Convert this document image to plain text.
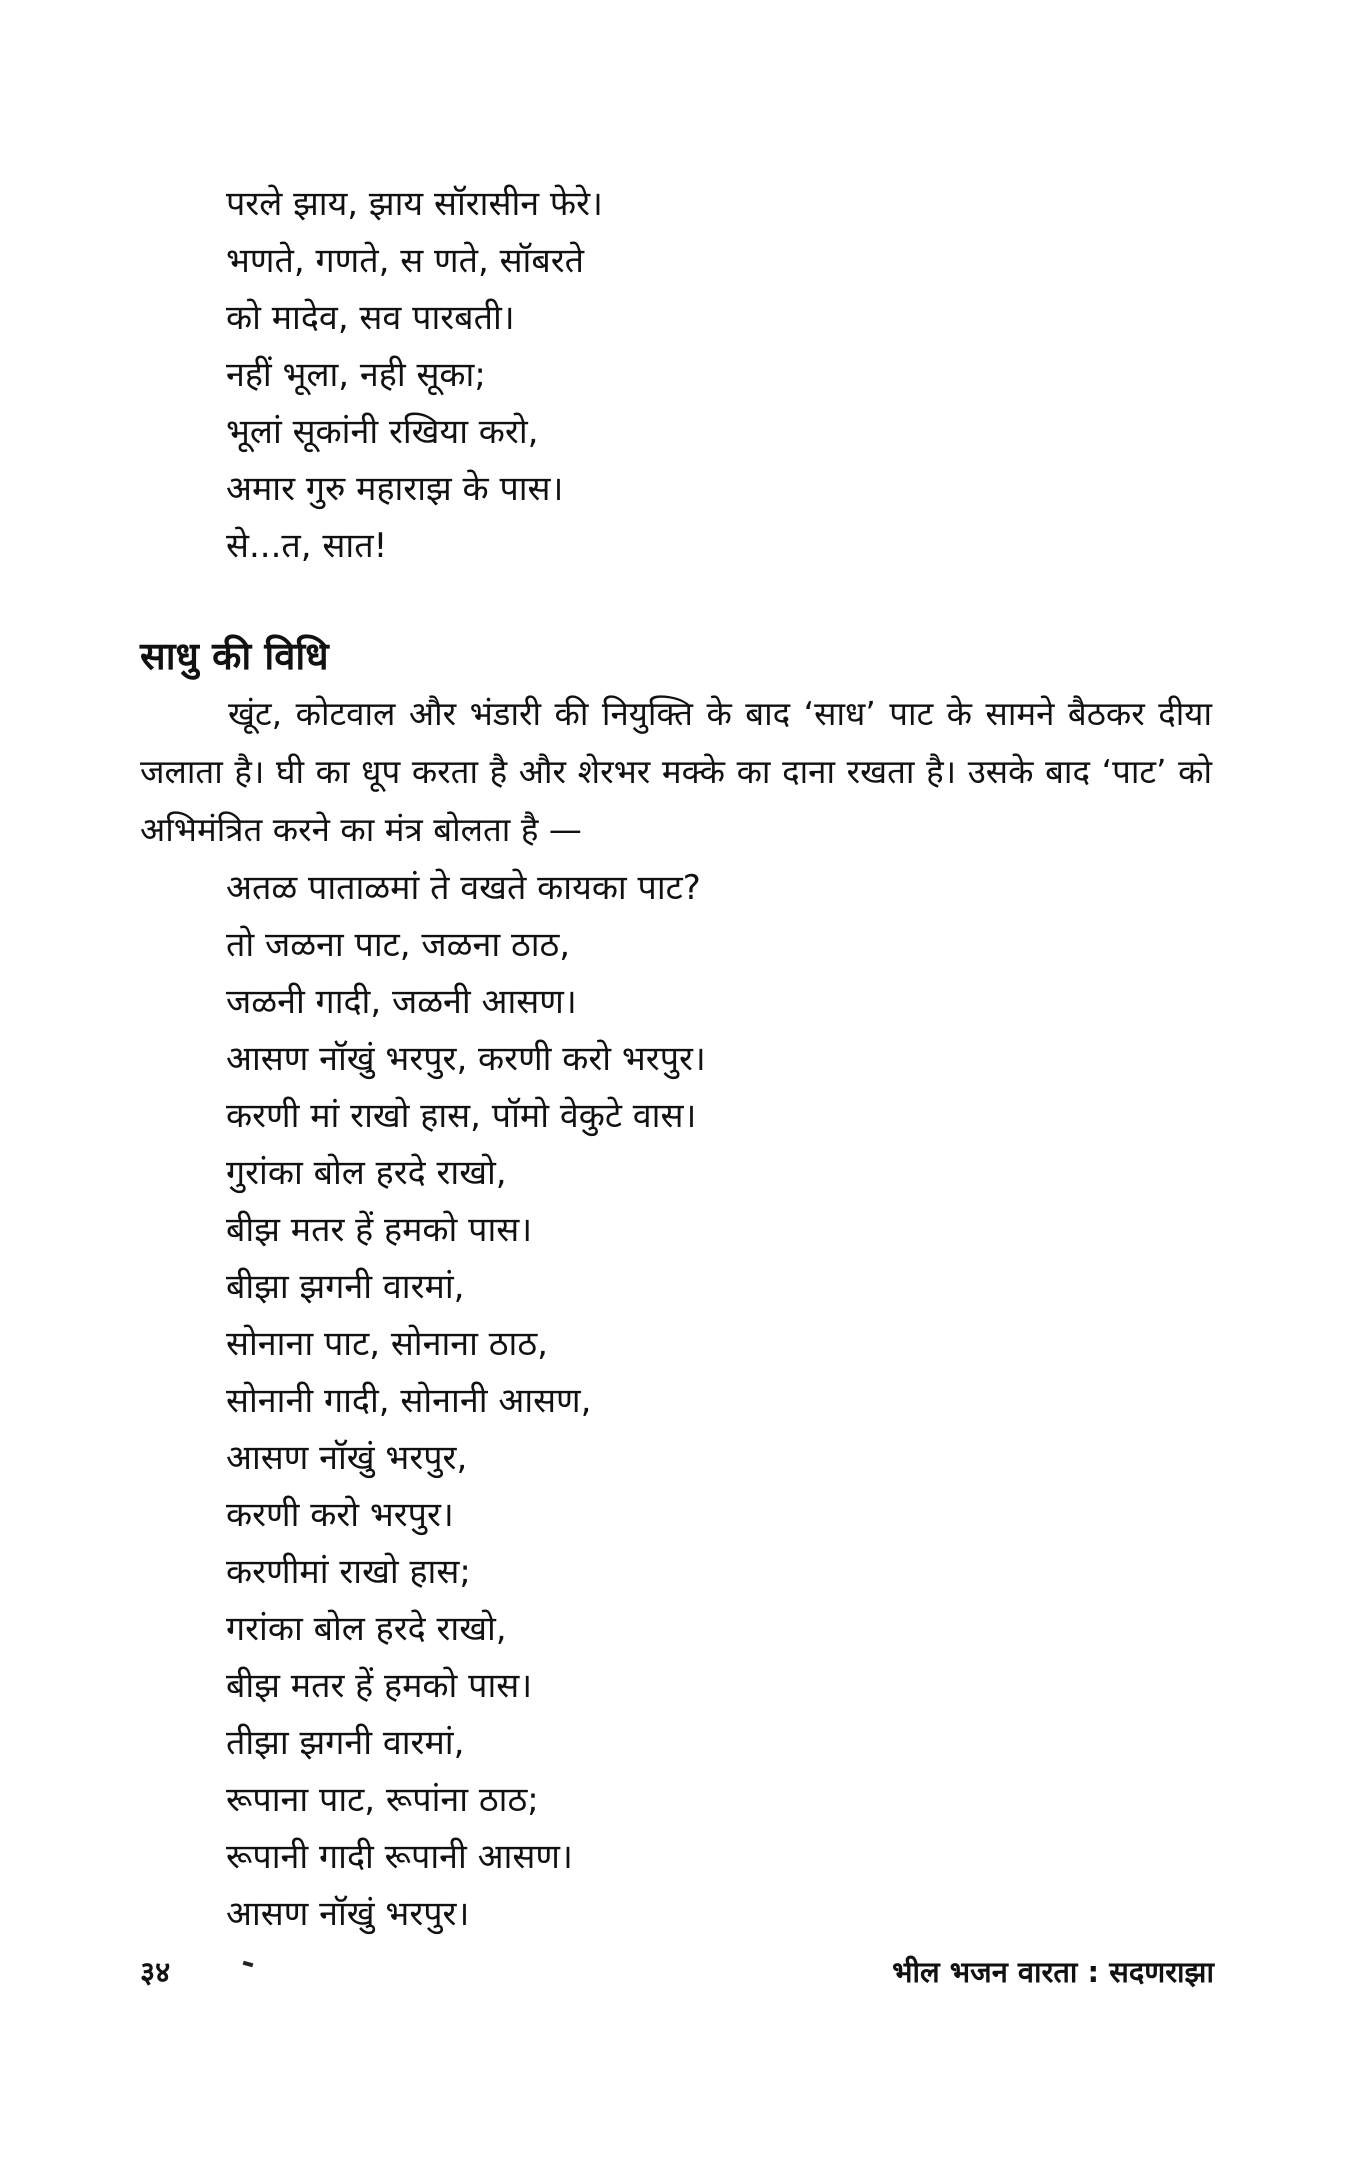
परले झाय, झाय सॉरासीन फेरे।
भणते, गणते, स णते, सॉबरते
को मादेव, सव पारबती।
नहीं भूला, नही सूका;
भूलां सूकांनी रखिया करो,
अमार गुरु महाराझ के पास।
से...त, सात!
साधु की विधि

खूंट, कोटवाल और भंडारी की नियुक्ति के बाद ‘साध’ पाट के सामने बैठकर दीया जलाता है। घी का धूप करता है और शेरभर मक्के का दाना रखता है। उसके बाद ‘पाट’ को अभिमंत्रित करने का मंत्र बोलता है —

अतळ पाताळमां ते वखते कायका पाट?
तो जळना पाट, जळना ठाठ,
जळनी गादी, जळनी आसण।
आसण नॉखुं भरपुर, करणी करो भरपुर।
करणी मां राखो हास, पॉमो वेकुटे वास।
गुरांका बोल हरदे राखो,
बीझ मतर हें हमको पास।
बीझा झगनी वारमां,
सोनाना पाट, सोनाना ठाठ,
सोनानी गादी, सोनानी आसण,
आसण नॉखुं भरपुर,
करणी करो भरपुर।
करणीमां राखो हास;
गरांका बोल हरदे राखो,
बीझ मतर हें हमको पास।
तीझा झगनी वारमां,
रूपाना पाट, रूपांना ठाठ;
रूपानी गादी रूपानी आसण।
आसण नॉखुं भरपुर।
३४	भील भजन वारता : सदणराझा
